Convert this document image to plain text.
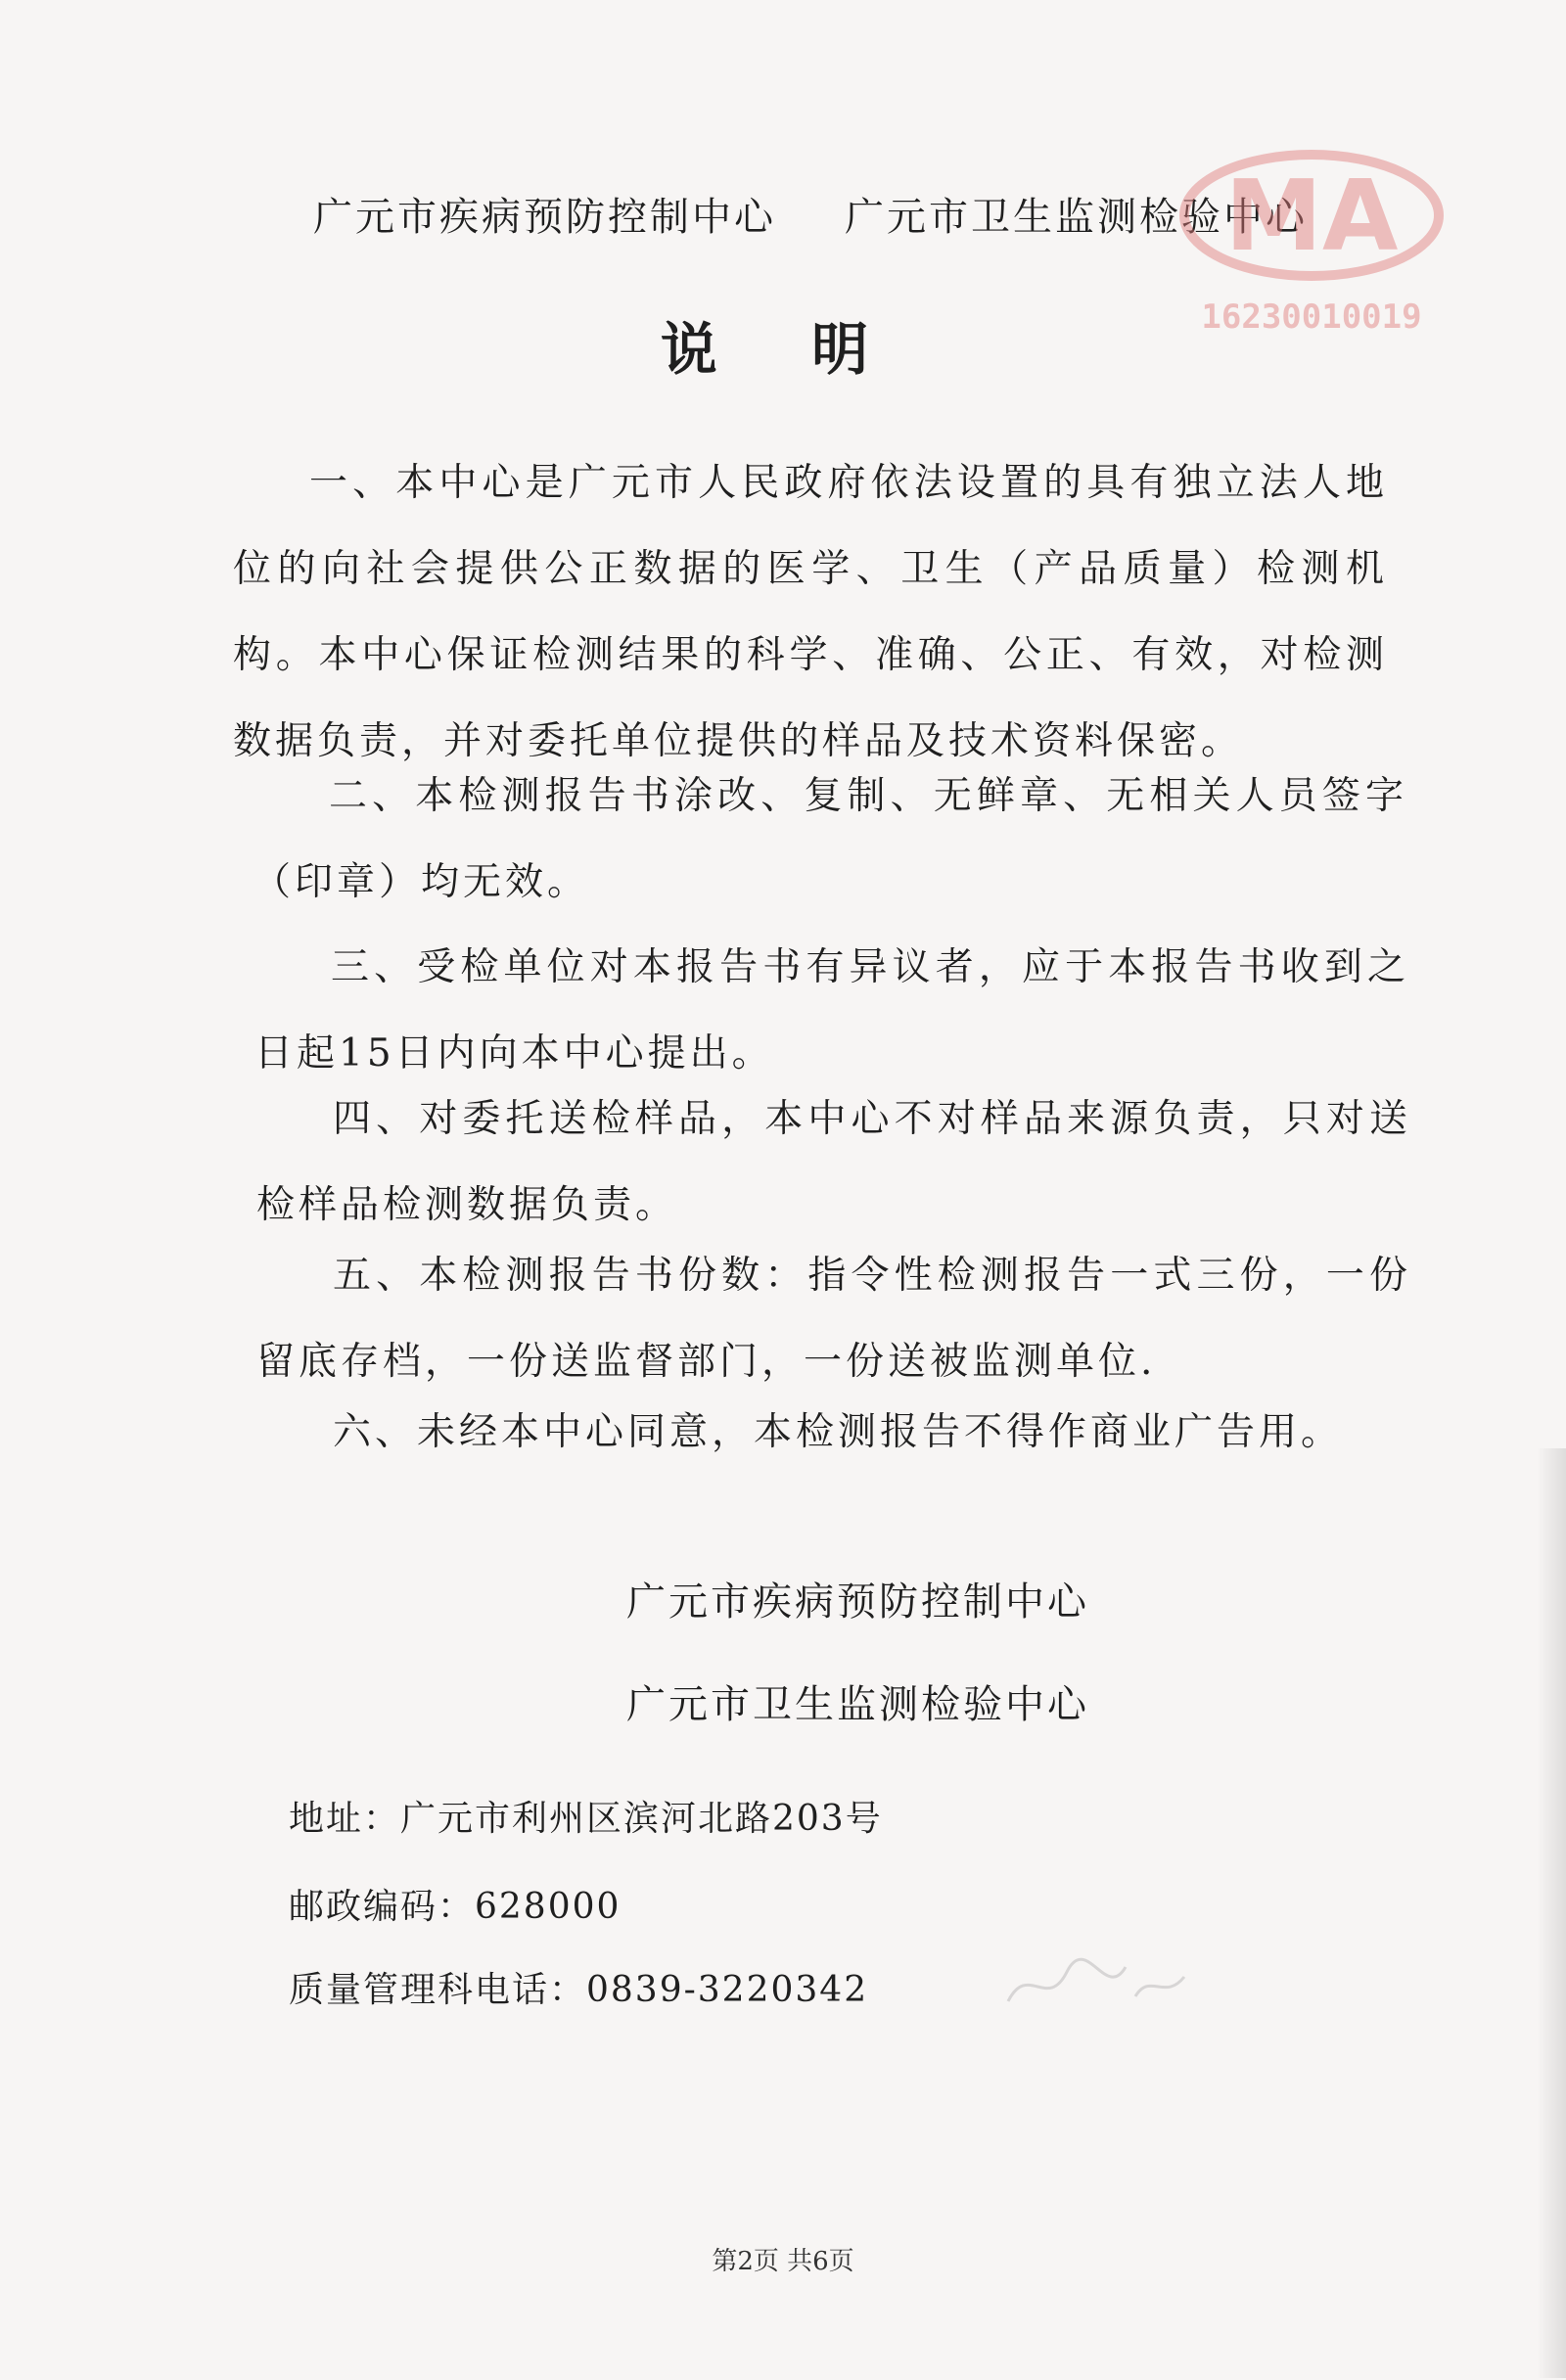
广元市疾病预防控制中心 广元市卫生监测检验中心
MA
16230010019
说 明
一、本中心是广元市人民政府依法设置的具有独立法人地位的向社会提供公正数据的医学、卫生（产品质量）检测机构。本中心保证检测结果的科学、准确、公正、有效，对检测数据负责，并对委托单位提供的样品及技术资料保密。
二、本检测报告书涂改、复制、无鲜章、无相关人员签字（印章）均无效。
三、受检单位对本报告书有异议者，应于本报告书收到之日起15日内向本中心提出。
四、对委托送检样品，本中心不对样品来源负责，只对送检样品检测数据负责。
五、本检测报告书份数：指令性检测报告一式三份，一份留底存档，一份送监督部门，一份送被监测单位.
六、未经本中心同意，本检测报告不得作商业广告用。
广元市疾病预防控制中心
广元市卫生监测检验中心
地址：广元市利州区滨河北路203号
邮政编码：628000
质量管理科电话：0839-3220342
第2页 共6页
